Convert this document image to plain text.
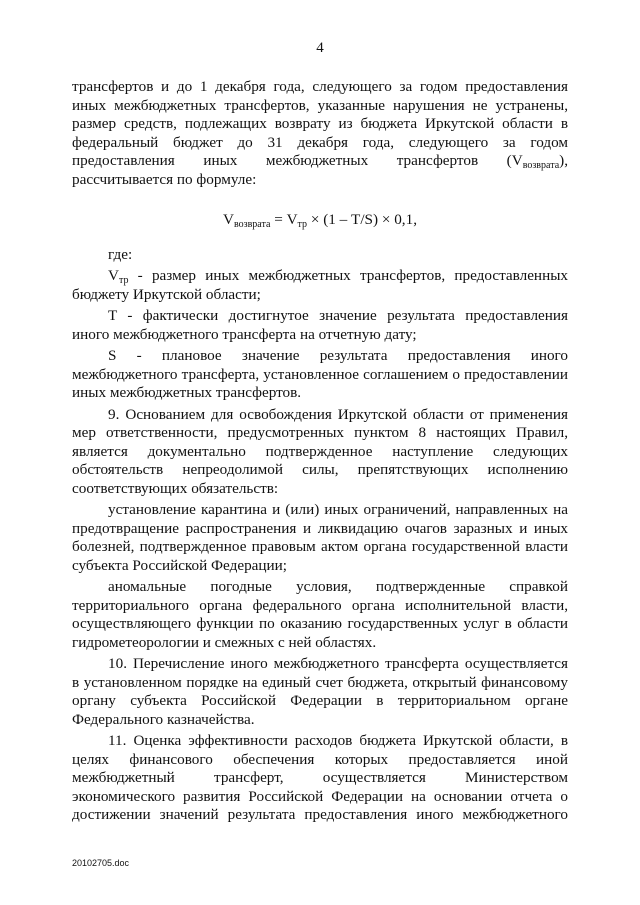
4

трансфертов и до 1 декабря года, следующего за годом предоставления иных межбюджетных трансфертов, указанные нарушения не устранены, размер средств, подлежащих возврату из бюджета Иркутской области в федеральный бюджет до 31 декабря года, следующего за годом предоставления иных межбюджетных трансфертов $(V_{возврата})$, рассчитывается по формуле:

$V_{возврата} = V_{тр} \times (1 - T/S) \times 0,1$,

где:

$V_{тр}$ - размер иных межбюджетных трансфертов, предоставленных бюджету Иркутской области;

T - фактически достигнутое значение результата предоставления иного межбюджетного трансферта на отчетную дату;

S - плановое значение результата предоставления иного межбюджетного трансферта, установленное соглашением о предоставлении иных межбюджетных трансфертов.

9. Основанием для освобождения Иркутской области от применения мер ответственности, предусмотренных пунктом 8 настоящих Правил, является документально подтвержденное наступление следующих обстоятельств непреодолимой силы, препятствующих исполнению соответствующих обязательств:

установление карантина и (или) иных ограничений, направленных на предотвращение распространения и ликвидацию очагов заразных и иных болезней, подтвержденное правовым актом органа государственной власти субъекта Российской Федерации;

аномальные погодные условия, подтвержденные справкой территориального органа федерального органа исполнительной власти, осуществляющего функции по оказанию государственных услуг в области гидрометеорологии и смежных с ней областях.

10. Перечисление иного межбюджетного трансферта осуществляется в установленном порядке на единый счет бюджета, открытый финансовому органу субъекта Российской Федерации в территориальном органе Федерального казначейства.

11. Оценка эффективности расходов бюджета Иркутской области, в целях финансового обеспечения которых предоставляется иной межбюджетный трансферт, осуществляется Министерством экономического развития Российской Федерации на основании отчета о достижении значений результата предоставления иного межбюджетного

20102705.doc
